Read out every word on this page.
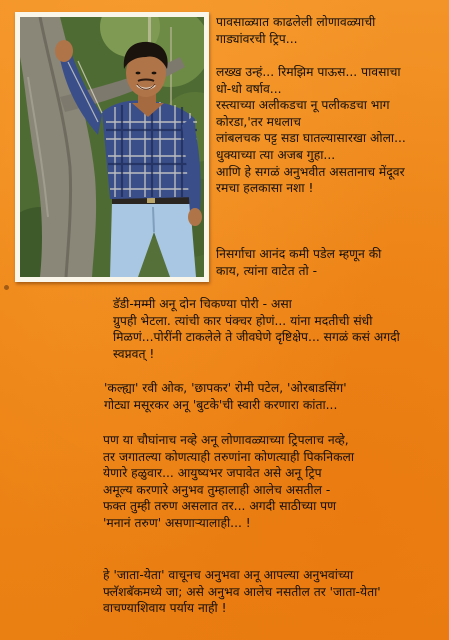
पावसाळ्यात काढलेली लोणावळ्याची
गाड्यांवरची ट्रिप...

लख्ख उन्हं... रिमझिम पाऊस... पावसाचा
धो-धो वर्षाव...
रस्त्याच्या अलीकडचा नू पलीकडचा भाग
कोरडा,'तर मधलाच
लांबलचक पट्ट सडा घातल्यासारखा ओला...
धुक्याच्या त्या अजब गुहा...
आणि हे सगळं अनुभवीत असतानाच मेंदूवर
रमचा हलकासा नशा !

निसर्गाचा आनंद कमी पडेल म्हणून की
काय, त्यांना वाटेत तो -

डॅडी-मम्मी अनू दोन चिकण्या पोरी - असा
ग्रुपही भेटला. त्यांची कार पंक्चर होणं... यांना मदतीची संधी
मिळणं...पोरींनी टाकलेले ते जीवघेणे दृष्टिक्षेप... सगळं कसं अगदी
स्वप्नवत् !

'कल्ह्या' रवी ओक, 'छापकर' रोमी पटेल, 'ओरबाडसिंग'
गोट्या मसूरकर अनू 'बुटके'ची स्वारी करणारा कांता...

पण या चौघांनाच नव्हे अनू लोणावळ्याच्या ट्रिपलाच नव्हे,
तर जगातल्या कोणत्याही तरुणांना कोणत्याही पिकनिकला
येणारे हळुवार... आयुष्यभर जपावेत असे अनू ट्रिप
अमूल्य करणारे अनुभव तुम्हालाही आलेच असतील -
फक्त तुम्ही तरुण असलात तर... अगदी साठीच्या पण
'मनानं तरुण' असणाऱ्यालाही... !

हे 'जाता-येता' वाचूनच अनुभवा अनू आपल्या अनुभवांच्या
फ्लॅशबॅकमध्ये जा; असे अनुभव आलेच नसतील तर 'जाता-येता'
वाचण्याशिवाय पर्याय नाही !
